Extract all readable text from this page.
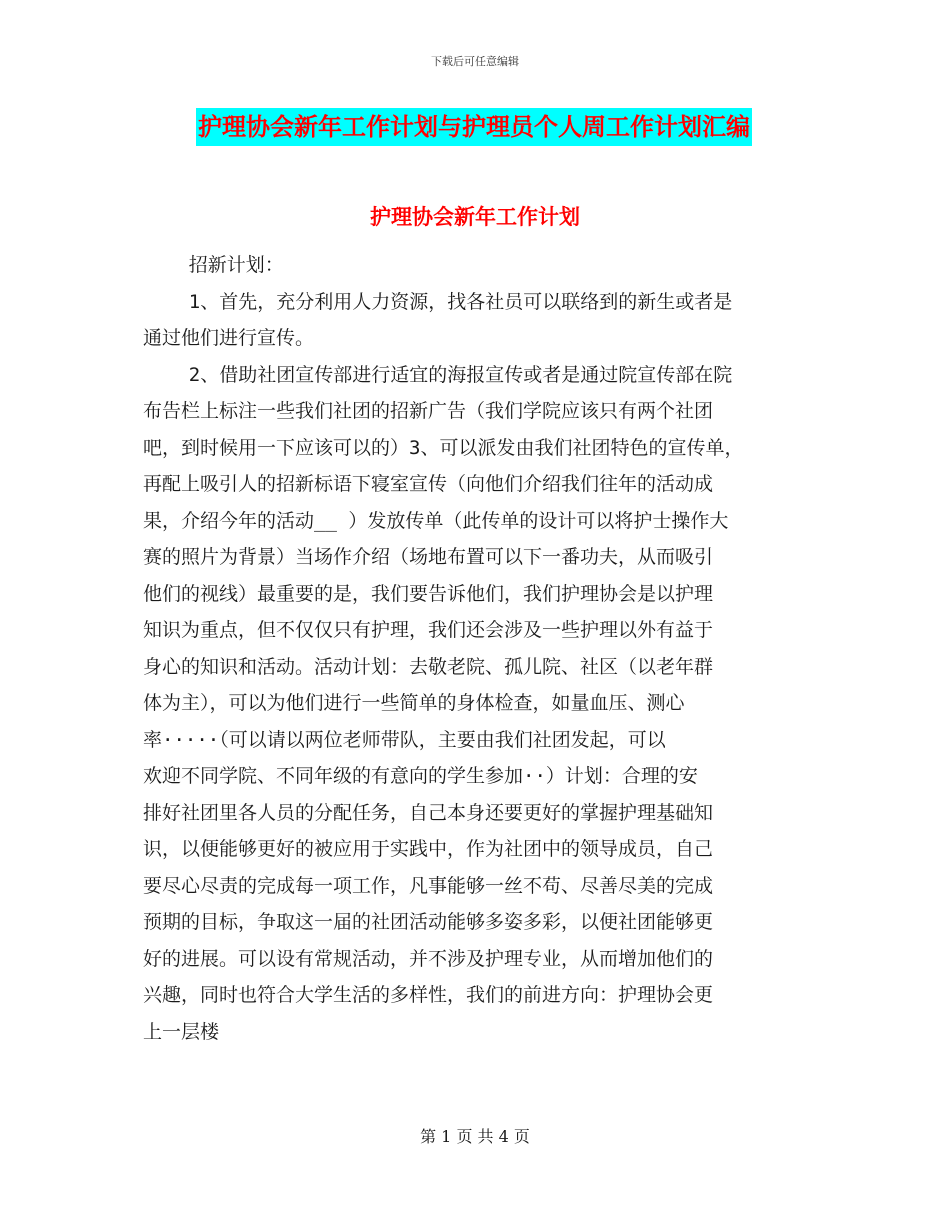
下载后可任意编辑
护理协会新年工作计划与护理员个人周工作计划汇编
护理协会新年工作计划

招新计划：

1、首先，充分利用人力资源，找各社员可以联络到的新生或者是

通过他们进行宣传。

2、借助社团宣传部进行适宜的海报宣传或者是通过院宣传部在院

布告栏上标注一些我们社团的招新广告（我们学院应该只有两个社团

吧，到时候用一下应该可以的）3、可以派发由我们社团特色的宣传单，

再配上吸引人的招新标语下寝室宣传（向他们介绍我们往年的活动成

果，介绍今年的活动__ ）发放传单（此传单的设计可以将护士操作大

赛的照片为背景）当场作介绍（场地布置可以下一番功夫，从而吸引

他们的视线）最重要的是，我们要告诉他们，我们护理协会是以护理

知识为重点，但不仅仅只有护理，我们还会涉及一些护理以外有益于

身心的知识和活动。活动计划：去敬老院、孤儿院、社区（以老年群

体为主），可以为他们进行一些简单的身体检查，如量血压、测心

率·····（可以请以两位老师带队，主要由我们社团发起，可以

欢迎不同学院、不同年级的有意向的学生参加··）计划：合理的安

排好社团里各人员的分配任务，自己本身还要更好的掌握护理基础知

识，以便能够更好的被应用于实践中，作为社团中的领导成员，自己

要尽心尽责的完成每一项工作，凡事能够一丝不苟、尽善尽美的完成

预期的目标，争取这一届的社团活动能够多姿多彩，以便社团能够更

好的进展。可以设有常规活动，并不涉及护理专业，从而增加他们的

兴趣，同时也符合大学生活的多样性，我们的前进方向：护理协会更

上一层楼

第 1 页 共 4 页
